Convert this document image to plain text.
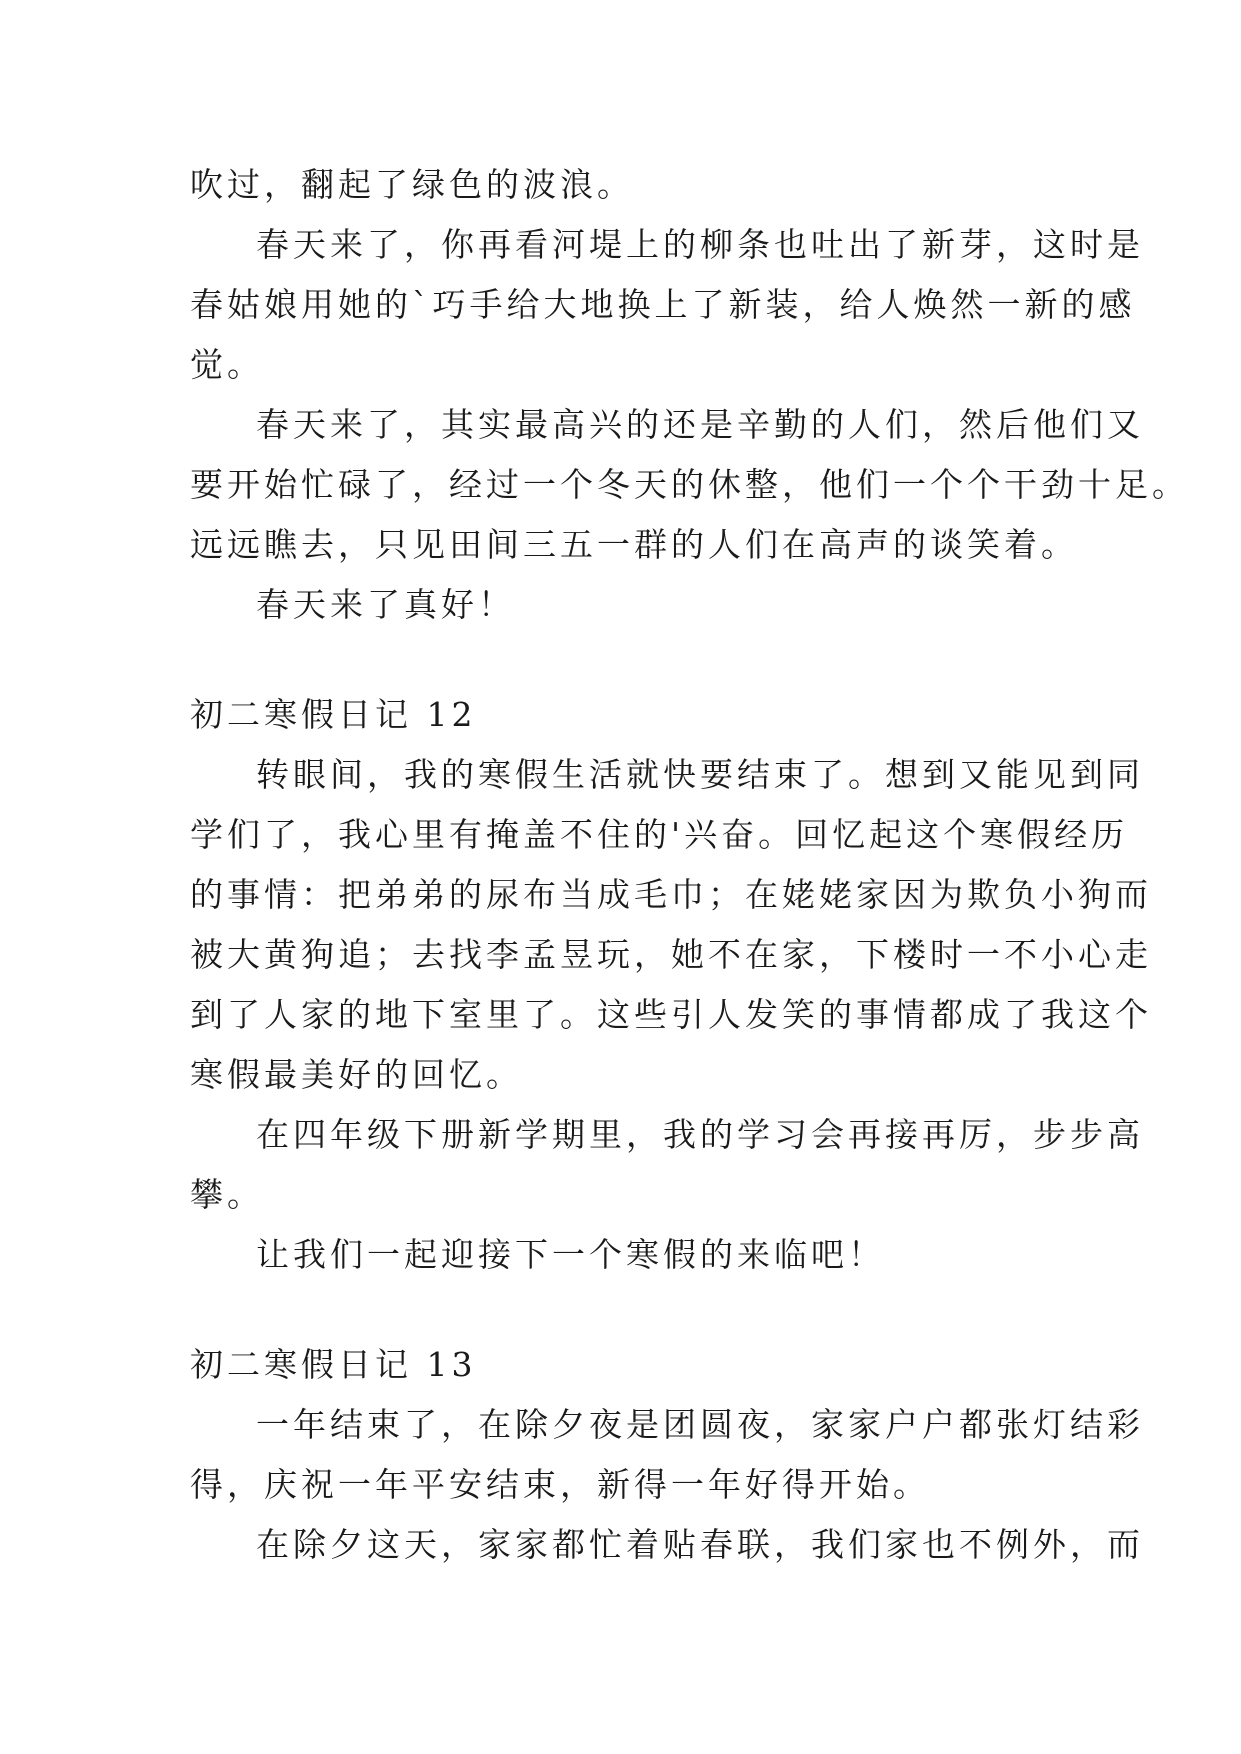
吹过，翻起了绿色的波浪。
春天来了，你再看河堤上的柳条也吐出了新芽，这时是
春姑娘用她的`巧手给大地换上了新装，给人焕然一新的感
觉。
春天来了，其实最高兴的还是辛勤的人们，然后他们又
要开始忙碌了，经过一个冬天的休整，他们一个个干劲十足。
远远瞧去，只见田间三五一群的人们在高声的谈笑着。
春天来了真好！
初二寒假日记 12
转眼间，我的寒假生活就快要结束了。想到又能见到同
学们了，我心里有掩盖不住的'兴奋。回忆起这个寒假经历
的事情：把弟弟的尿布当成毛巾；在姥姥家因为欺负小狗而
被大黄狗追；去找李孟昱玩，她不在家，下楼时一不小心走
到了人家的地下室里了。这些引人发笑的事情都成了我这个
寒假最美好的回忆。
在四年级下册新学期里，我的学习会再接再厉，步步高
攀。
让我们一起迎接下一个寒假的来临吧！
初二寒假日记 13
一年结束了，在除夕夜是团圆夜，家家户户都张灯结彩
得，庆祝一年平安结束，新得一年好得开始。
在除夕这天，家家都忙着贴春联，我们家也不例外，而
